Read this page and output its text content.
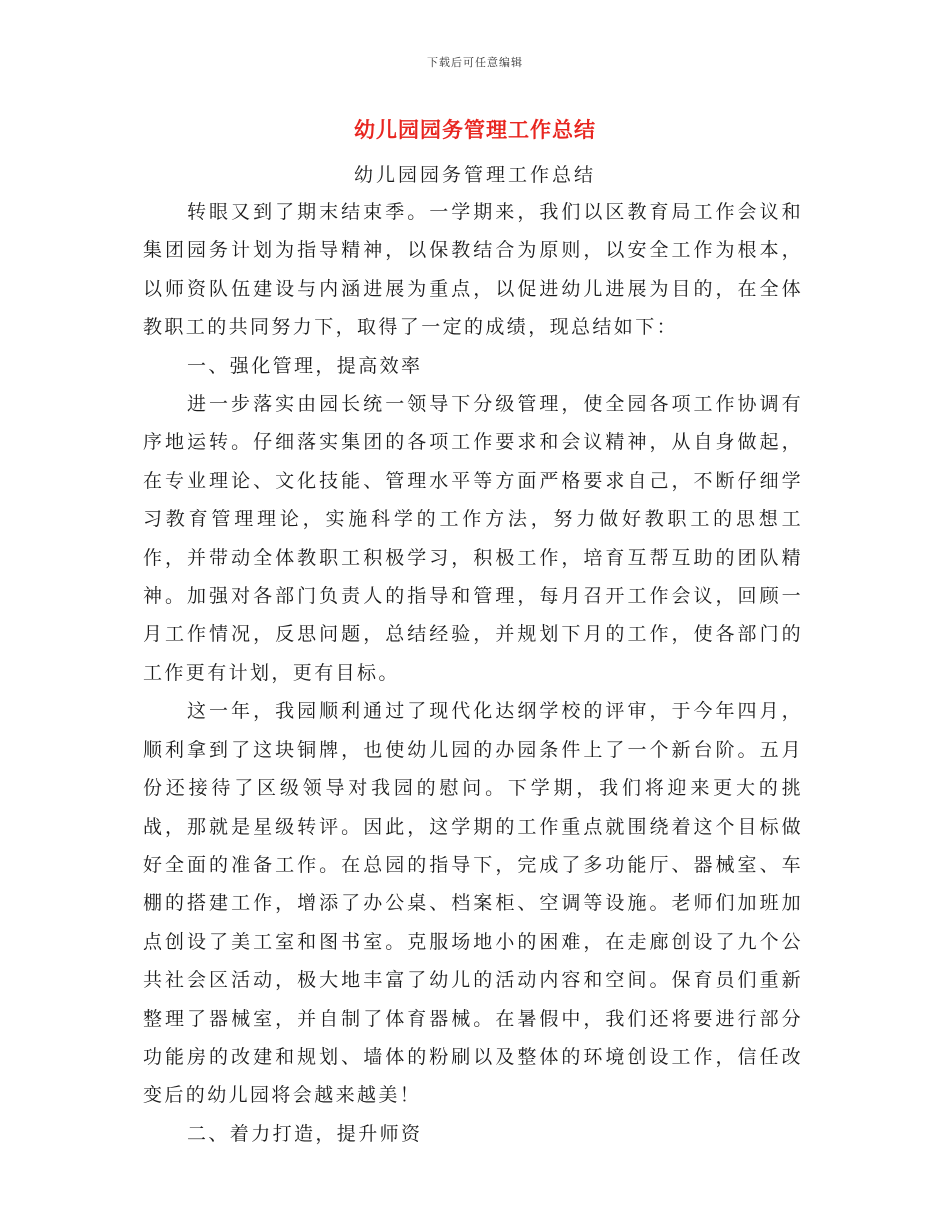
下载后可任意编辑
幼儿园园务管理工作总结
幼儿园园务管理工作总结

转眼又到了期末结束季。一学期来，我们以区教育局工作会议和集团园务计划为指导精神，以保教结合为原则，以安全工作为根本，以师资队伍建设与内涵进展为重点，以促进幼儿进展为目的，在全体教职工的共同努力下，取得了一定的成绩，现总结如下：

一、强化管理，提高效率

进一步落实由园长统一领导下分级管理，使全园各项工作协调有序地运转。仔细落实集团的各项工作要求和会议精神，从自身做起，在专业理论、文化技能、管理水平等方面严格要求自己，不断仔细学习教育管理理论，实施科学的工作方法，努力做好教职工的思想工作，并带动全体教职工积极学习，积极工作，培育互帮互助的团队精神。加强对各部门负责人的指导和管理，每月召开工作会议，回顾一月工作情况，反思问题，总结经验，并规划下月的工作，使各部门的工作更有计划，更有目标。

这一年，我园顺利通过了现代化达纲学校的评审，于今年四月，顺利拿到了这块铜牌，也使幼儿园的办园条件上了一个新台阶。五月份还接待了区级领导对我园的慰问。下学期，我们将迎来更大的挑战，那就是星级转评。因此，这学期的工作重点就围绕着这个目标做好全面的准备工作。在总园的指导下，完成了多功能厅、器械室、车棚的搭建工作，增添了办公桌、档案柜、空调等设施。老师们加班加点创设了美工室和图书室。克服场地小的困难，在走廊创设了九个公共社会区活动，极大地丰富了幼儿的活动内容和空间。保育员们重新整理了器械室，并自制了体育器械。在暑假中，我们还将要进行部分功能房的改建和规划、墙体的粉刷以及整体的环境创设工作，信任改变后的幼儿园将会越来越美！

二、着力打造，提升师资
